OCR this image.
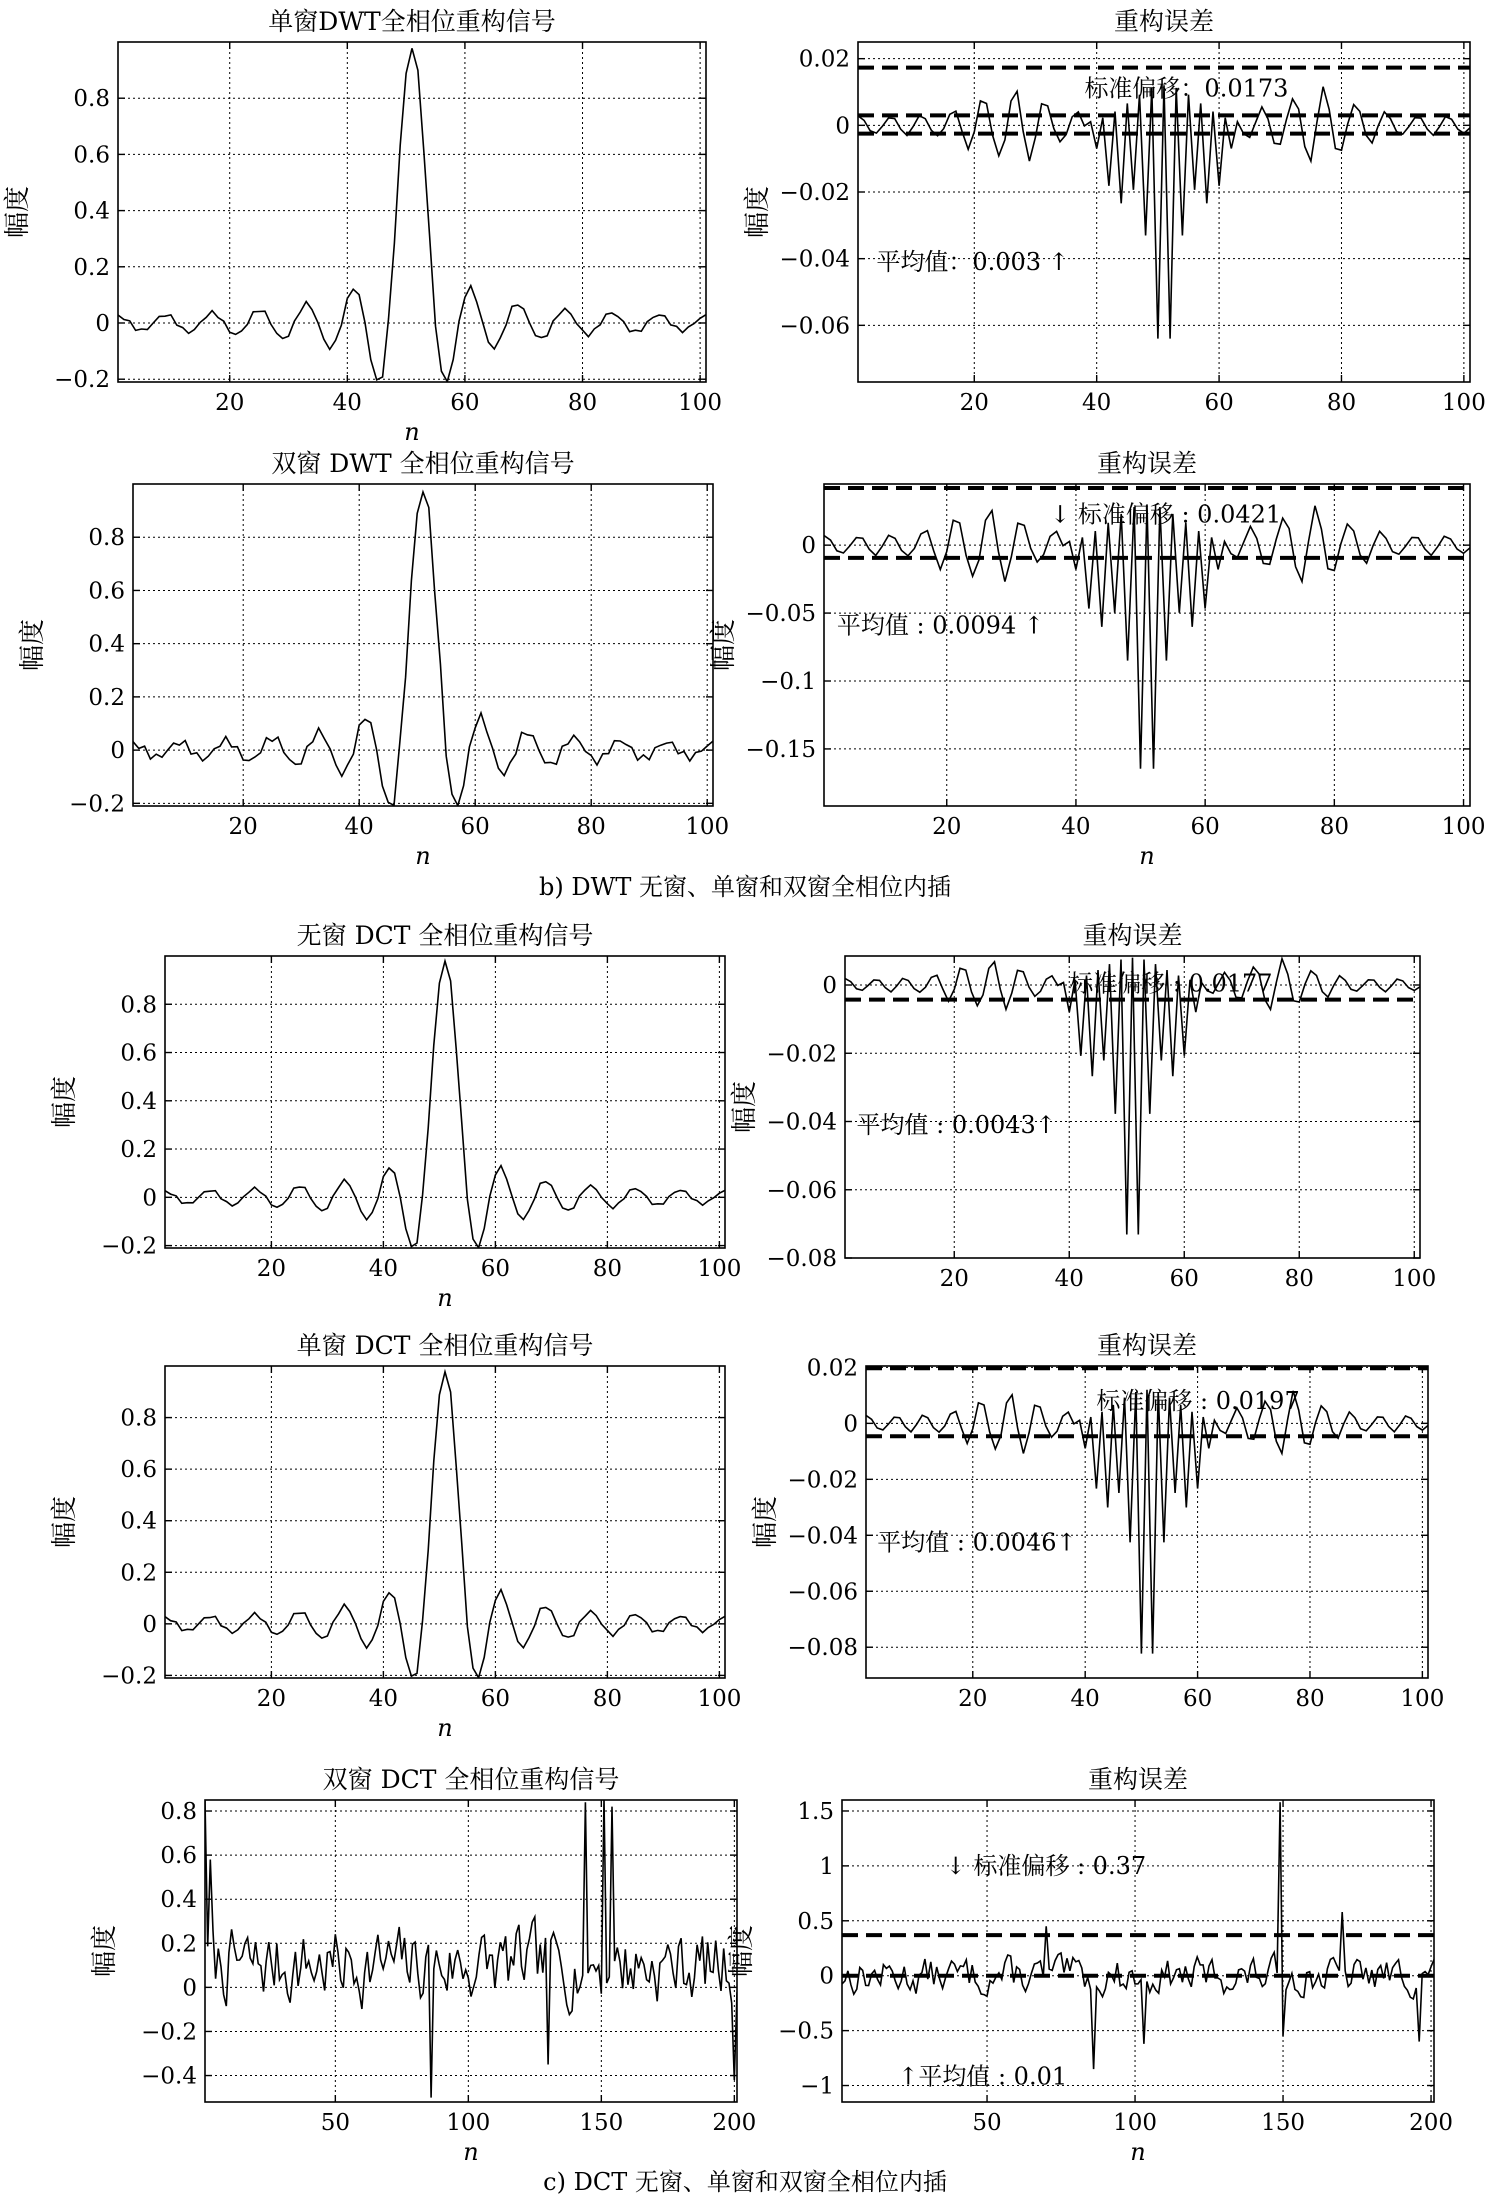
20	40	60	80	100
−0.2
0
0.2
0.4
0.6
0.8
单窗DWT全相位重构信号
n
幅度
20	40	60	80	100
−0.06
−0.04
−0.02
0
0.02
重构误差
幅度
标准偏移：0.0173
平均值：0.003 ↑
20	40	60	80	100
−0.2
0
0.2
0.4
0.6
0.8
双窗 DWT 全相位重构信号
n
幅度
20	40	60	80	100
−0.15
−0.1
−0.05
0
重构误差
n
幅度
↓ 标准偏移 : 0.0421
平均值 : 0.0094 ↑
20	40	60	80	100
−0.2
0
0.2
0.4
0.6
0.8
无窗 DCT 全相位重构信号
n
幅度
20	40	60	80	100
−0.08
−0.06
−0.04
−0.02
0
重构误差
幅度
标准偏移 : 0.0177
平均值 : 0.0043↑
20	40	60	80	100
−0.2
0
0.2
0.4
0.6
0.8
单窗 DCT 全相位重构信号
n
幅度
20	40	60	80	100
−0.08
−0.06
−0.04
−0.02
0
0.02
重构误差
幅度
标准偏移 : 0.0197
平均值 : 0.0046↑
50	100	150	200
−0.4
−0.2
0
0.2
0.4
0.6
0.8
双窗 DCT 全相位重构信号
n
幅度
50	100	150	200
−1
−0.5
0
0.5
1
1.5
重构误差
n
幅度
↓ 标准偏移 : 0.37
↑平均值 : 0.01
b) DWT 无窗、单窗和双窗全相位内插
c) DCT 无窗、单窗和双窗全相位内插
